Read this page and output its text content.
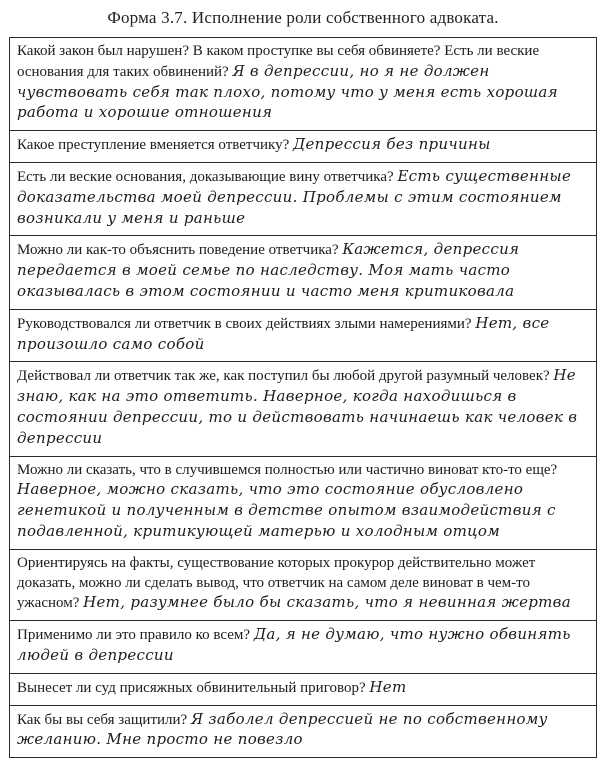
Форма 3.7. Исполнение роли собственного адвоката.
Какой закон был нарушен? В каком проступке вы себя обвиняете? Есть ли веские основания для таких обвинений? Я в депрессии, но я не должен чувствовать себя так плохо, потому что у меня есть хорошая работа и хорошие отношения
Какое преступление вменяется ответчику? Депрессия без причины
Есть ли веские основания, доказывающие вину ответчика? Есть существенные доказательства моей депрессии. Проблемы с этим состоянием возникали у меня и раньше
Можно ли как-то объяснить поведение ответчика? Кажется, депрессия передается в моей семье по наследству. Моя мать часто оказывалась в этом состоянии и часто меня критиковала
Руководствовался ли ответчик в своих действиях злыми намерениями? Нет, все произошло само собой
Действовал ли ответчик так же, как поступил бы любой другой разумный человек? Не знаю, как на это ответить. Наверное, когда находишься в состоянии депрессии, то и действовать начинаешь как человек в депрессии
Можно ли сказать, что в случившемся полностью или частично виноват кто-то еще? Наверное, можно сказать, что это состояние обусловлено генетикой и полученным в детстве опытом взаимодействия с подавленной, критикующей матерью и холодным отцом
Ориентируясь на факты, существование которых прокурор действительно может доказать, можно ли сделать вывод, что ответчик на самом деле виноват в чем-то ужасном? Нет, разумнее было бы сказать, что я невинная жертва
Применимо ли это правило ко всем? Да, я не думаю, что нужно обвинять людей в депрессии
Вынесет ли суд присяжных обвинительный приговор? Нет
Как бы вы себя защитили? Я заболел депрессией не по собственному желанию. Мне просто не повезло
